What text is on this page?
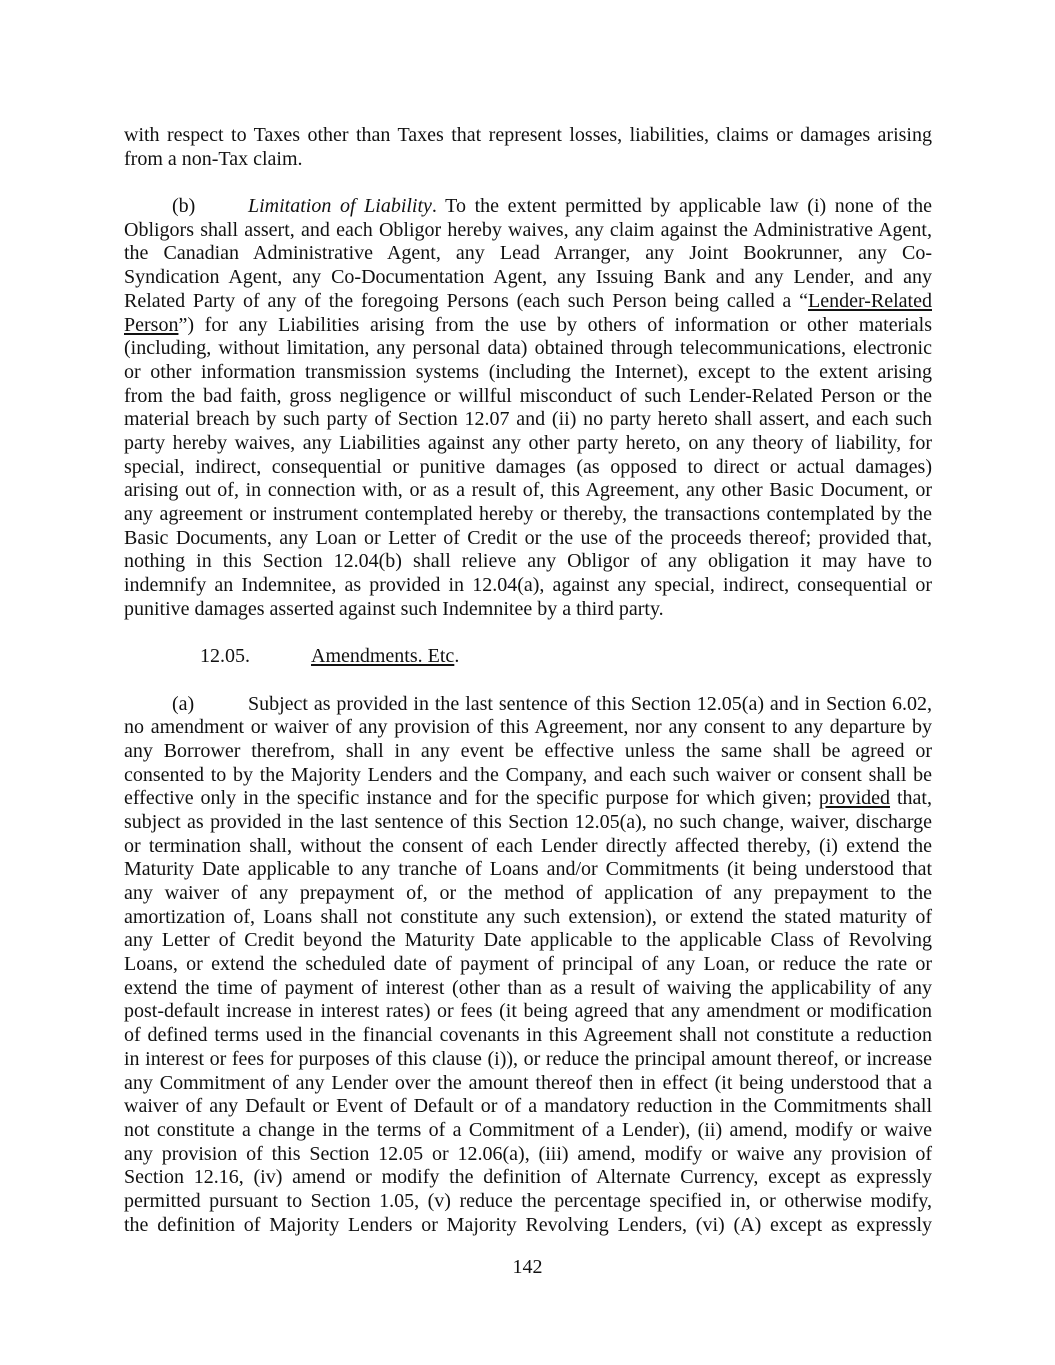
with respect to Taxes other than Taxes that represent losses, liabilities, claims or damages arising
from a non-Tax claim.
(b)	Limitation of Liability. To the extent permitted by applicable law (i) none of the
Obligors shall assert, and each Obligor hereby waives, any claim against the Administrative Agent,
the Canadian Administrative Agent, any Lead Arranger, any Joint Bookrunner, any Co-
Syndication Agent, any Co-Documentation Agent, any Issuing Bank and any Lender, and any
Related Party of any of the foregoing Persons (each such Person being called a “Lender-Related
Person”) for any Liabilities arising from the use by others of information or other materials
(including, without limitation, any personal data) obtained through telecommunications, electronic
or other information transmission systems (including the Internet), except to the extent arising
from the bad faith, gross negligence or willful misconduct of such Lender-Related Person or the
material breach by such party of Section 12.07 and (ii) no party hereto shall assert, and each such
party hereby waives, any Liabilities against any other party hereto, on any theory of liability, for
special, indirect, consequential or punitive damages (as opposed to direct or actual damages)
arising out of, in connection with, or as a result of, this Agreement, any other Basic Document, or
any agreement or instrument contemplated hereby or thereby, the transactions contemplated by the
Basic Documents, any Loan or Letter of Credit or the use of the proceeds thereof; provided that,
nothing in this Section 12.04(b) shall relieve any Obligor of any obligation it may have to
indemnify an Indemnitee, as provided in 12.04(a), against any special, indirect, consequential or
punitive damages asserted against such Indemnitee by a third party.
12.05.	Amendments. Etc.
(a)	Subject as provided in the last sentence of this Section 12.05(a) and in Section 6.02,
no amendment or waiver of any provision of this Agreement, nor any consent to any departure by
any Borrower therefrom, shall in any event be effective unless the same shall be agreed or
consented to by the Majority Lenders and the Company, and each such waiver or consent shall be
effective only in the specific instance and for the specific purpose for which given; provided that,
subject as provided in the last sentence of this Section 12.05(a), no such change, waiver, discharge
or termination shall, without the consent of each Lender directly affected thereby, (i) extend the
Maturity Date applicable to any tranche of Loans and/or Commitments (it being understood that
any waiver of any prepayment of, or the method of application of any prepayment to the
amortization of, Loans shall not constitute any such extension), or extend the stated maturity of
any Letter of Credit beyond the Maturity Date applicable to the applicable Class of Revolving
Loans, or extend the scheduled date of payment of principal of any Loan, or reduce the rate or
extend the time of payment of interest (other than as a result of waiving the applicability of any
post-default increase in interest rates) or fees (it being agreed that any amendment or modification
of defined terms used in the financial covenants in this Agreement shall not constitute a reduction
in interest or fees for purposes of this clause (i)), or reduce the principal amount thereof, or increase
any Commitment of any Lender over the amount thereof then in effect (it being understood that a
waiver of any Default or Event of Default or of a mandatory reduction in the Commitments shall
not constitute a change in the terms of a Commitment of a Lender), (ii) amend, modify or waive
any provision of this Section 12.05 or 12.06(a), (iii) amend, modify or waive any provision of
Section 12.16, (iv) amend or modify the definition of Alternate Currency, except as expressly
permitted pursuant to Section 1.05, (v) reduce the percentage specified in, or otherwise modify,
the definition of Majority Lenders or Majority Revolving Lenders, (vi) (A) except as expressly
142
